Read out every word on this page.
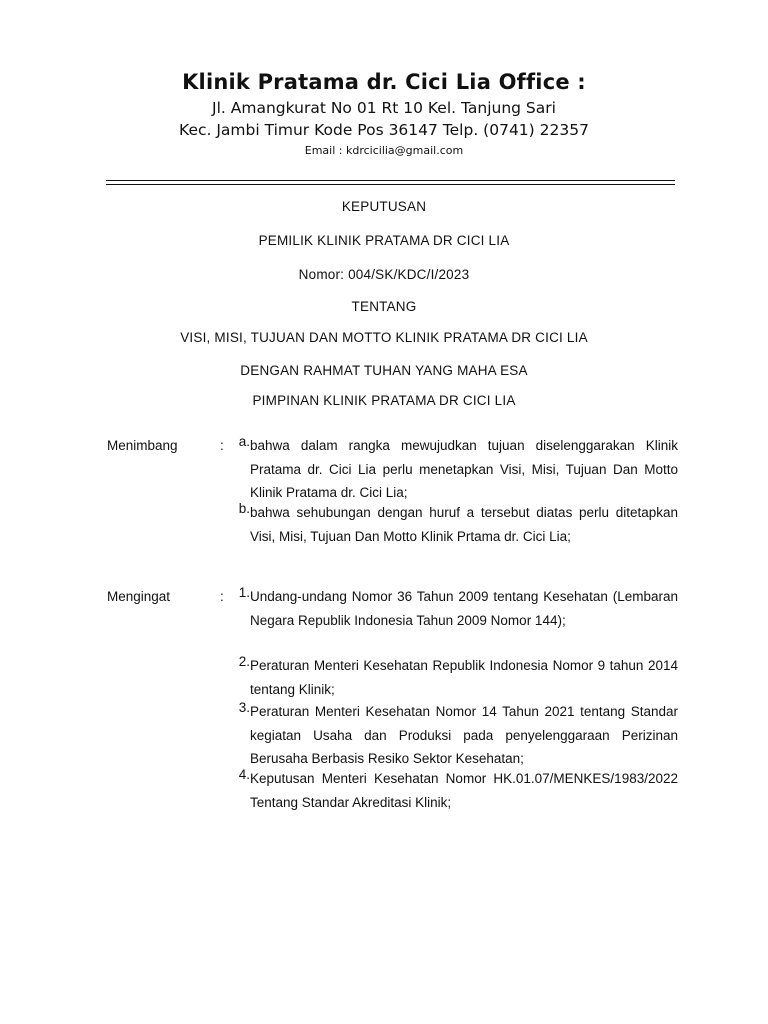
Klinik Pratama dr. Cici Lia Office :
Jl. Amangkurat No 01 Rt 10 Kel. Tanjung Sari
Kec. Jambi Timur Kode Pos 36147 Telp. (0741) 22357
Email : kdrcicilia@gmail.com
KEPUTUSAN
PEMILIK KLINIK PRATAMA DR CICI LIA
Nomor: 004/SK/KDC/I/2023
TENTANG
VISI, MISI, TUJUAN DAN MOTTO KLINIK PRATAMA DR CICI LIA
DENGAN RAHMAT TUHAN YANG MAHA ESA
PIMPINAN KLINIK PRATAMA DR CICI LIA
Menimbang	:	a. bahwa dalam rangka mewujudkan tujuan diselenggarakan Klinik Pratama dr. Cici Lia perlu menetapkan Visi, Misi, Tujuan Dan Motto Klinik Pratama dr. Cici Lia;
b. bahwa sehubungan dengan huruf a tersebut diatas perlu ditetapkan Visi, Misi, Tujuan Dan Motto Klinik Prtama dr. Cici Lia;
Mengingat	:	1. Undang-undang Nomor 36 Tahun 2009 tentang Kesehatan (Lembaran Negara Republik Indonesia Tahun 2009 Nomor 144);
2. Peraturan Menteri Kesehatan Republik Indonesia Nomor 9 tahun 2014 tentang Klinik;
3. Peraturan Menteri Kesehatan Nomor 14 Tahun 2021 tentang Standar kegiatan Usaha dan Produksi pada penyelenggaraan Perizinan Berusaha Berbasis Resiko Sektor Kesehatan;
4. Keputusan Menteri Kesehatan Nomor HK.01.07/MENKES/1983/2022 Tentang Standar Akreditasi Klinik;
